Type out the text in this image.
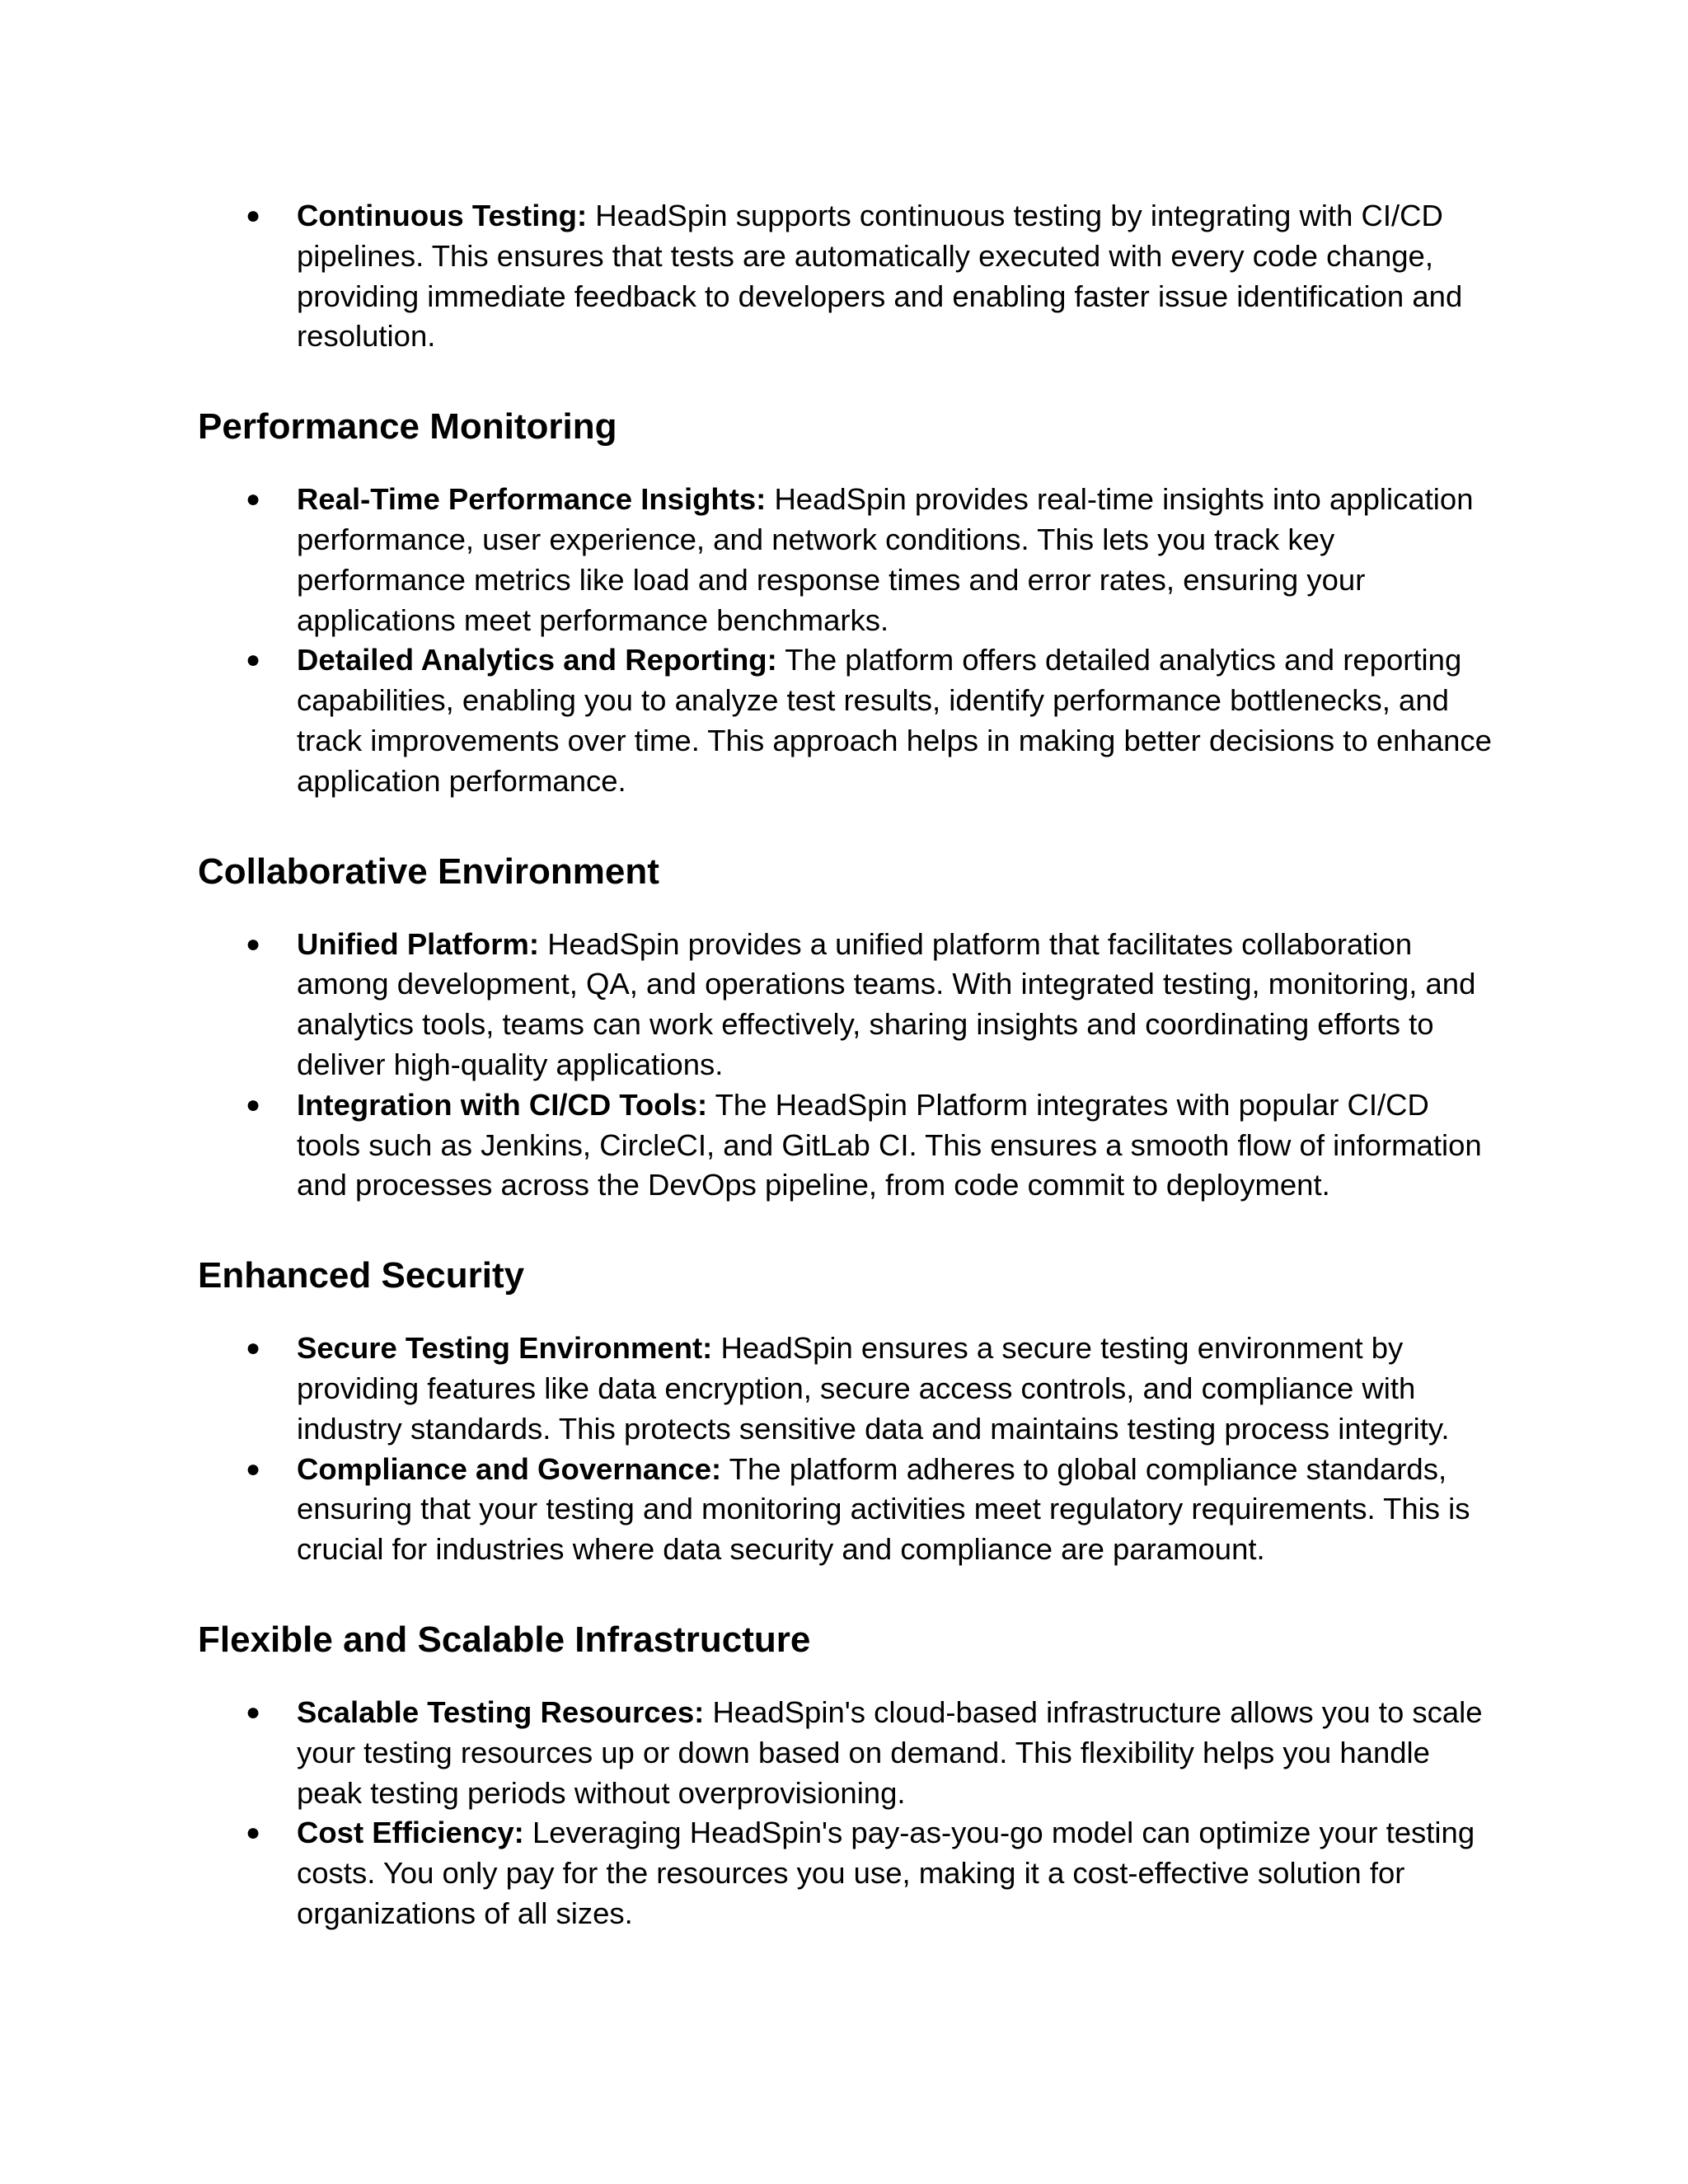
● Continuous Testing: HeadSpin supports continuous testing by integrating with CI/CD pipelines. This ensures that tests are automatically executed with every code change, providing immediate feedback to developers and enabling faster issue identification and resolution.
Performance Monitoring
● Real-Time Performance Insights: HeadSpin provides real-time insights into application performance, user experience, and network conditions. This lets you track key performance metrics like load and response times and error rates, ensuring your applications meet performance benchmarks.
● Detailed Analytics and Reporting: The platform offers detailed analytics and reporting capabilities, enabling you to analyze test results, identify performance bottlenecks, and track improvements over time. This approach helps in making better decisions to enhance application performance.
Collaborative Environment
● Unified Platform: HeadSpin provides a unified platform that facilitates collaboration among development, QA, and operations teams. With integrated testing, monitoring, and analytics tools, teams can work effectively, sharing insights and coordinating efforts to deliver high-quality applications.
● Integration with CI/CD Tools: The HeadSpin Platform integrates with popular CI/CD tools such as Jenkins, CircleCI, and GitLab CI. This ensures a smooth flow of information and processes across the DevOps pipeline, from code commit to deployment.
Enhanced Security
● Secure Testing Environment: HeadSpin ensures a secure testing environment by providing features like data encryption, secure access controls, and compliance with industry standards. This protects sensitive data and maintains testing process integrity.
● Compliance and Governance: The platform adheres to global compliance standards, ensuring that your testing and monitoring activities meet regulatory requirements. This is crucial for industries where data security and compliance are paramount.
Flexible and Scalable Infrastructure
● Scalable Testing Resources: HeadSpin's cloud-based infrastructure allows you to scale your testing resources up or down based on demand. This flexibility helps you handle peak testing periods without overprovisioning.
● Cost Efficiency: Leveraging HeadSpin's pay-as-you-go model can optimize your testing costs. You only pay for the resources you use, making it a cost-effective solution for organizations of all sizes.
